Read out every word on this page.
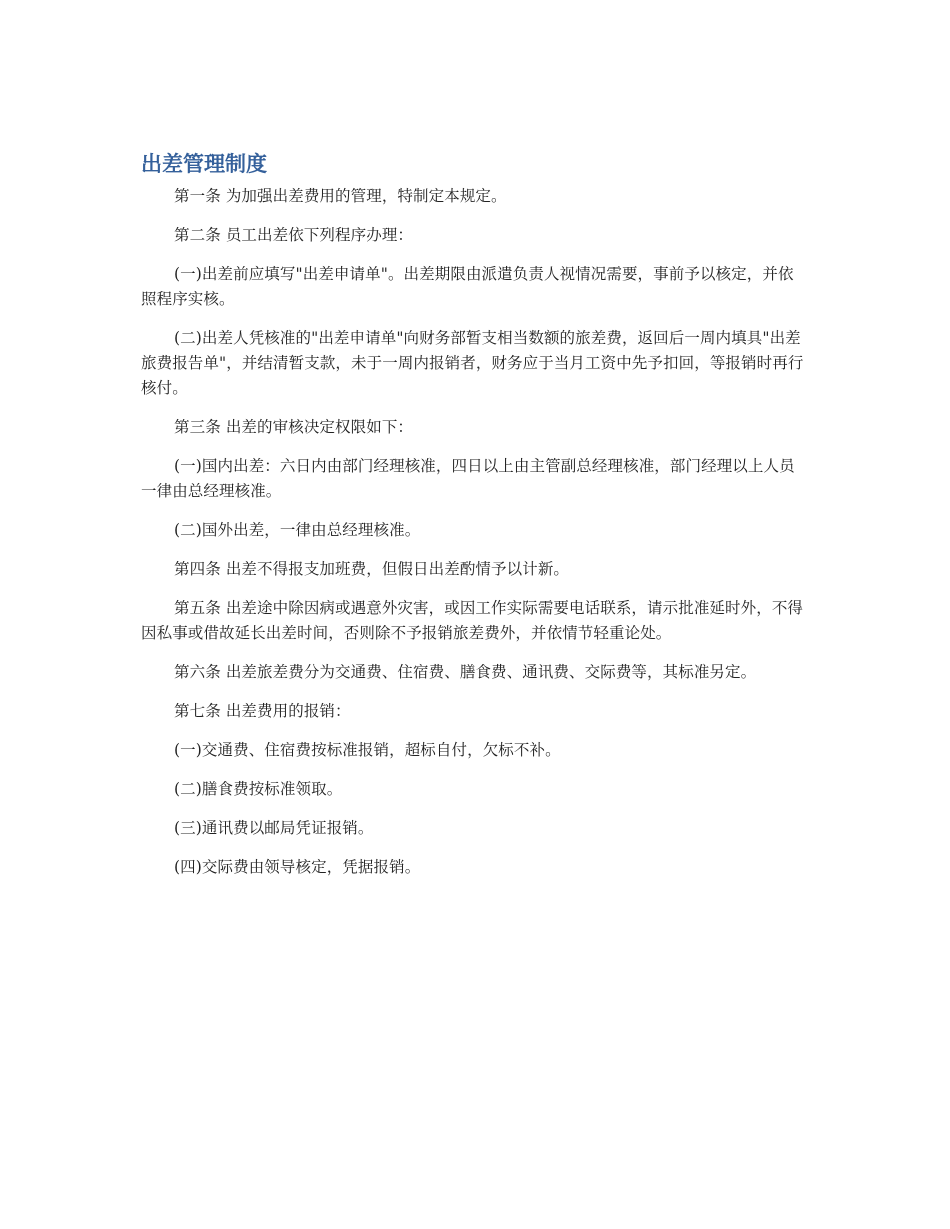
出差管理制度

第一条 为加强出差费用的管理，特制定本规定。

第二条 员工出差依下列程序办理：

(一)出差前应填写"出差申请单"。出差期限由派遣负责人视情况需要，事前予以核定，并依照程序实核。

(二)出差人凭核准的"出差申请单"向财务部暂支相当数额的旅差费，返回后一周内填具"出差旅费报告单"，并结清暂支款，未于一周内报销者，财务应于当月工资中先予扣回，等报销时再行核付。

第三条 出差的审核决定权限如下：

(一)国内出差：六日内由部门经理核准，四日以上由主管副总经理核准，部门经理以上人员一律由总经理核准。

(二)国外出差，一律由总经理核准。

第四条 出差不得报支加班费，但假日出差酌情予以计新。

第五条 出差途中除因病或遇意外灾害，或因工作实际需要电话联系，请示批准延时外，不得因私事或借故延长出差时间，否则除不予报销旅差费外，并依情节轻重论处。

第六条 出差旅差费分为交通费、住宿费、膳食费、通讯费、交际费等，其标准另定。

第七条 出差费用的报销：

(一)交通费、住宿费按标准报销，超标自付，欠标不补。

(二)膳食费按标准领取。

(三)通讯费以邮局凭证报销。

(四)交际费由领导核定，凭据报销。
